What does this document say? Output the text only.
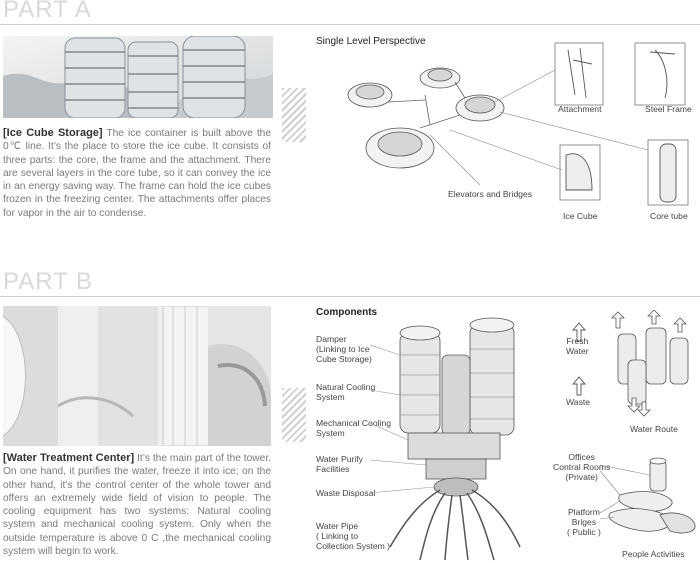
PART A
[Ice Cube Storage] The ice container is built above the 0℃ line. It’s the place to store the ice cube. It consists of three parts: the core, the frame and the attachment. There are several layers in the core tube, so it can convey the ice in an energy saving way. The frame can hold the ice cubes frozen in the freezing center. The attachments offer places for vapor in the air to condense.
Single Level Perspective
Attachment	Steel Frame
Elevators and Bridges
Ice Cube	Core tube
PART B
[Water Treatment Center] It’s the main part of the tower. On one hand, it purifies the water, freeze it into ice; on the other hand, it’s the control center of the whole tower and offers an extremely wide field of vision to people. The cooling equipment has two systems: Natural cooling system and mechanical cooling system. Only when the outside temperature is above 0 C ,the mechanical cooling system will begin to work.
Components
Damper
(Linking to Ice
Cube Storage)
Natural Cooling
System
Mechanical Cooling
System
Water Purify
Facilities
Waste Disposal
Water Pipe
( Linking to
Collection System )
Fresh
Water
Waste
Water Route
Offices
Contral Rooms
(Private)
Platform
Briges
( Public )
People Activities
